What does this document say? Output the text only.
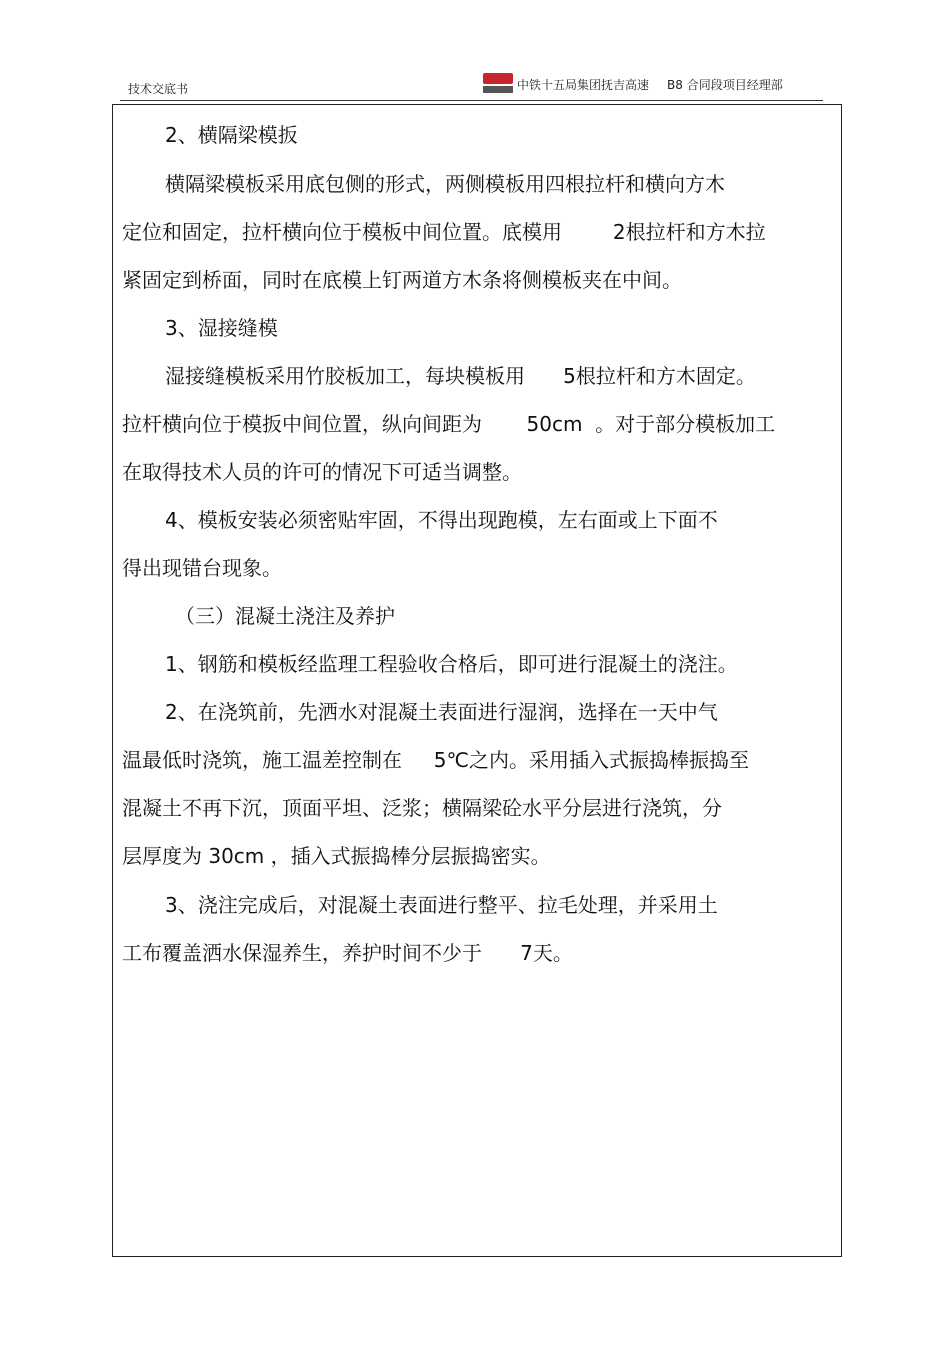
技术交底书	中铁十五局集团抚吉高速 B8 合同段项目经理部
2、横隔梁模扳
横隔梁模板采用底包侧的形式，两侧模板用四根拉杆和横向方木
定位和固定，拉杆横向位于模板中间位置。底模用        2根拉杆和方木拉
紧固定到桥面，同时在底模上钉两道方木条将侧模板夹在中间。
3、湿接缝模
湿接缝模板采用竹胶板加工，每块模板用      5根拉杆和方木固定。
拉杆横向位于模扳中间位置，纵向间距为       50cm  。对于部分模板加工
在取得技术人员的许可的情况下可适当调整。
4、模板安装必须密贴牢固，不得出现跑模，左右面或上下面不
得出现错台现象。
（三）混凝土浇注及养护
1、钢筋和模板经监理工程验收合格后，即可进行混凝土的浇注。
2、在浇筑前，先洒水对混凝土表面进行湿润，选择在一天中气
温最低时浇筑，施工温差控制在     5℃之内。采用插入式振捣棒振捣至
混凝土不再下沉，顶面平坦、泛浆；横隔梁砼水平分层进行浇筑，分
层厚度为 30cm ，插入式振捣棒分层振捣密实。
3、浇注完成后，对混凝土表面进行整平、拉毛处理，并采用土
工布覆盖洒水保湿养生，养护时间不少于      7天。
